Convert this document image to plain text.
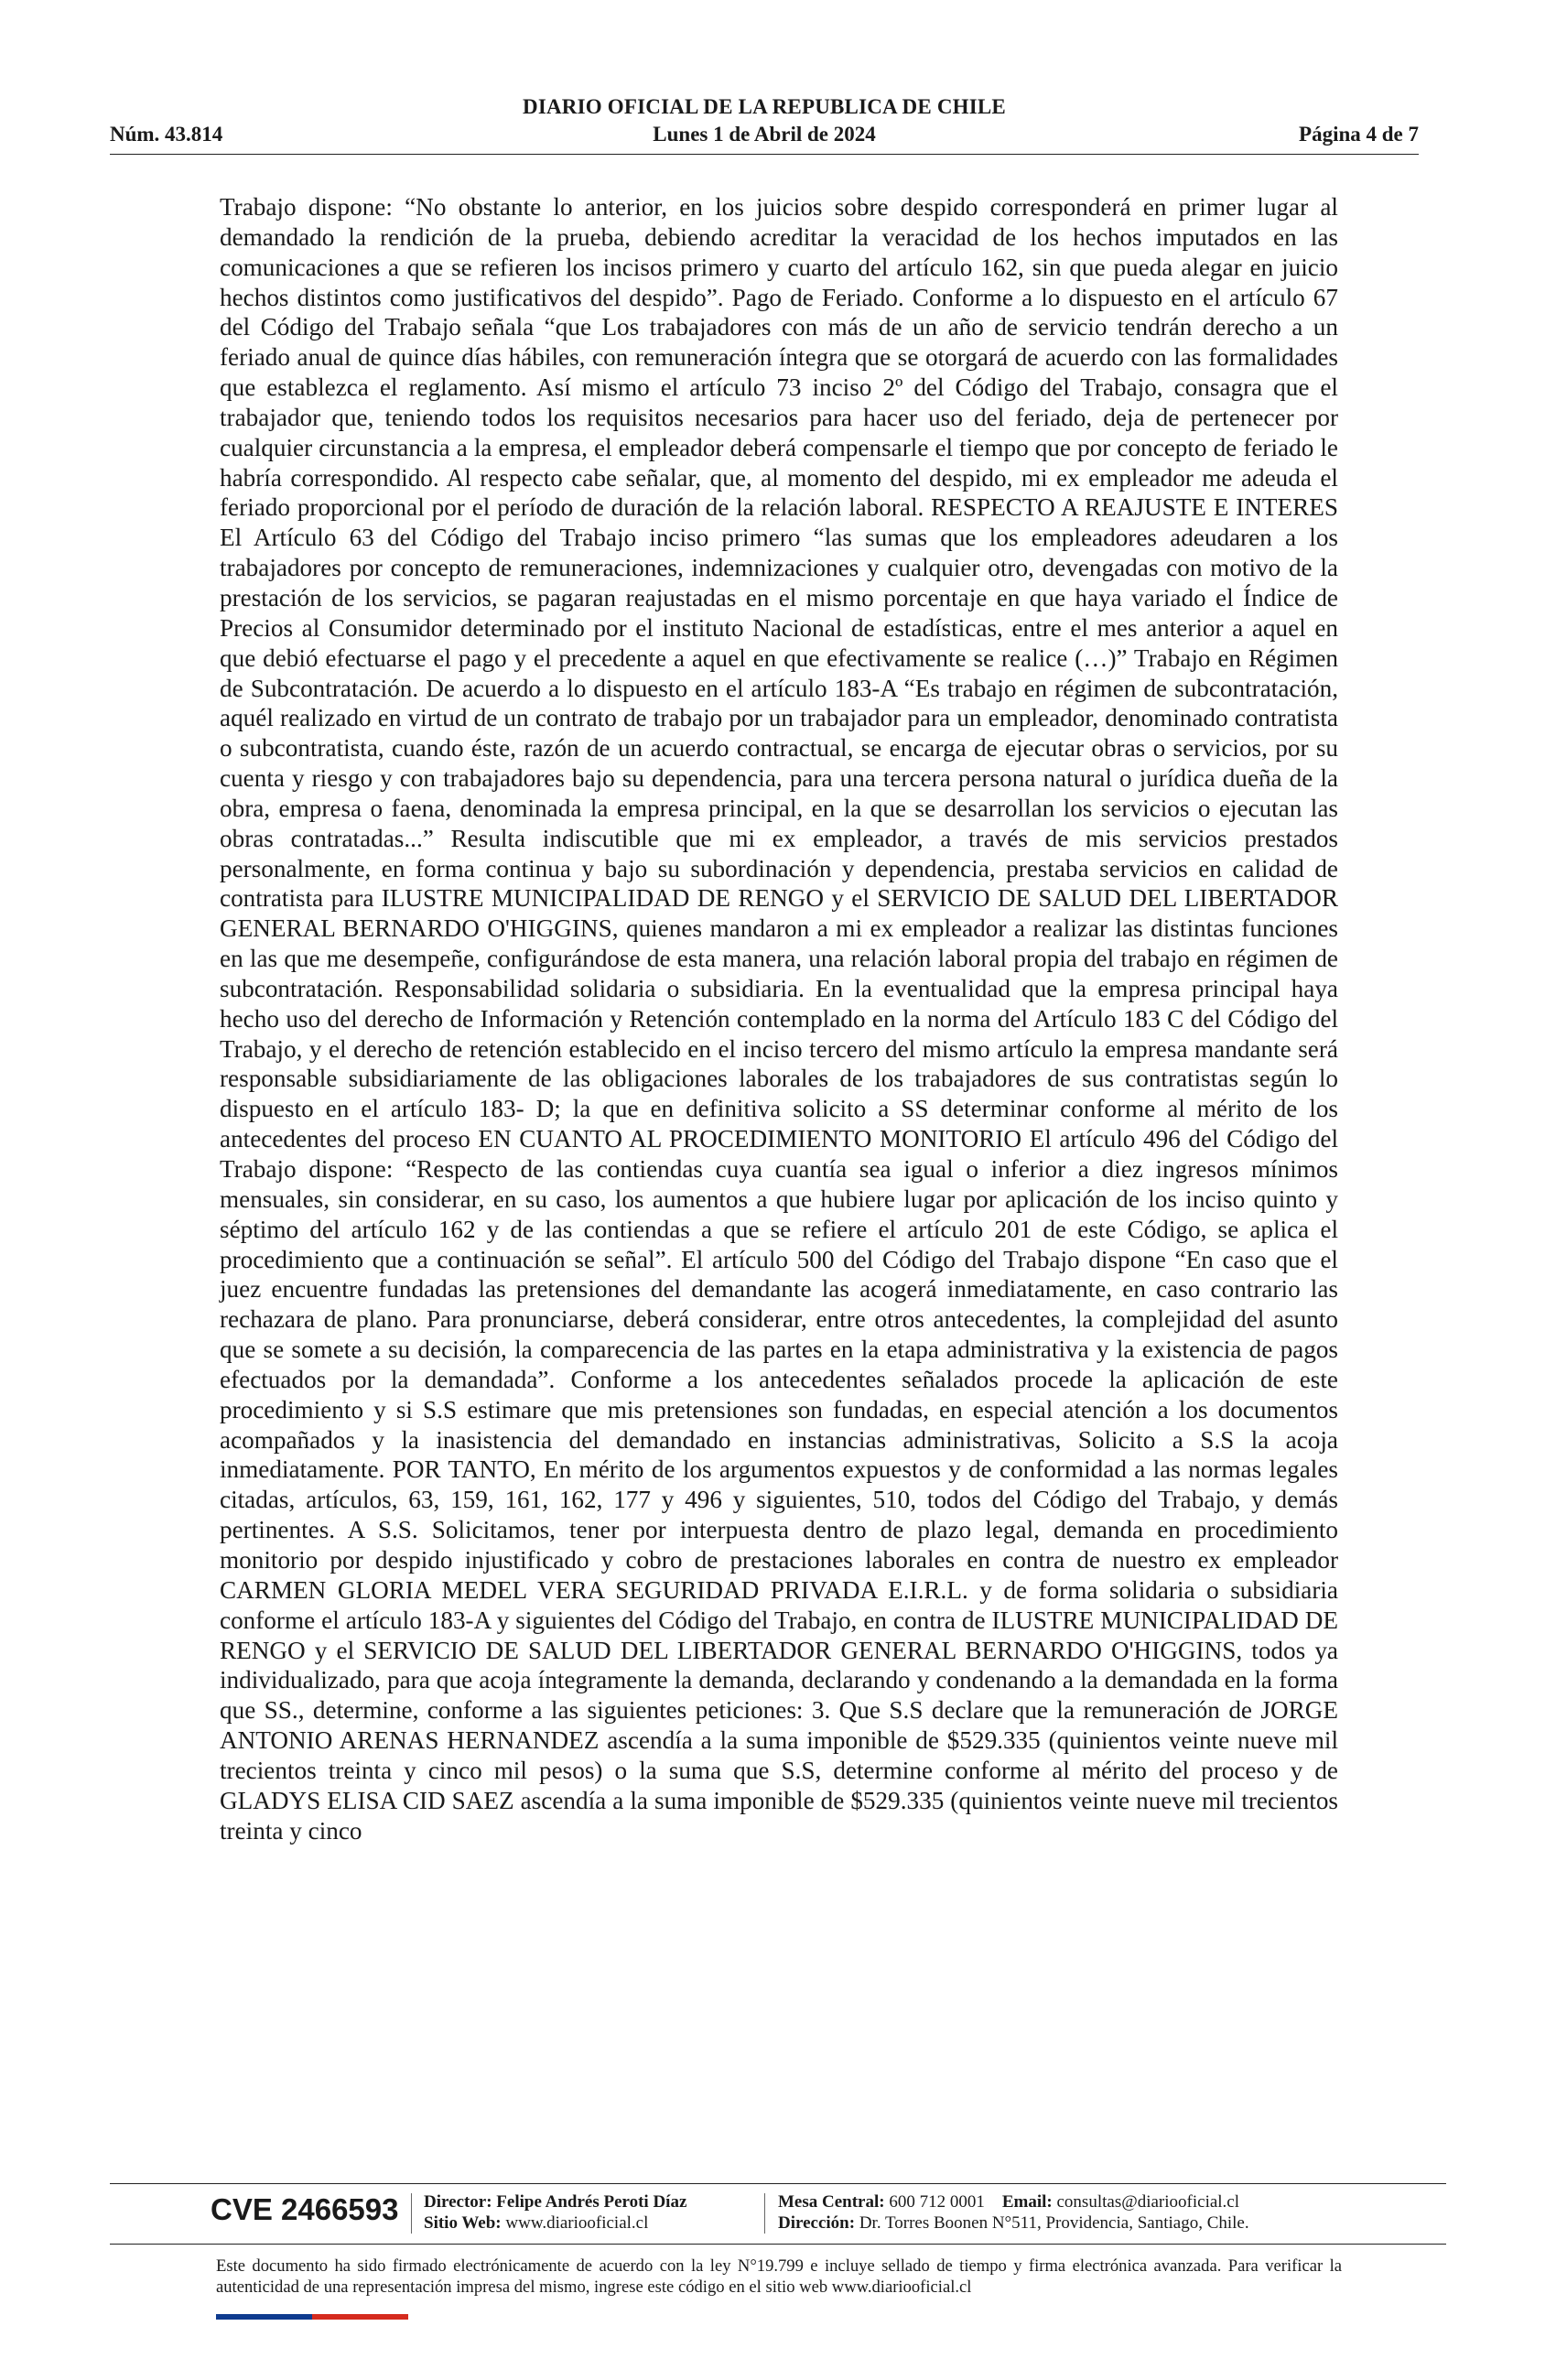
DIARIO OFICIAL DE LA REPUBLICA DE CHILE
Núm. 43.814	Lunes 1 de Abril de 2024	Página 4 de 7

Trabajo dispone: “No obstante lo anterior, en los juicios sobre despido corresponderá en primer lugar al demandado la rendición de la prueba, debiendo acreditar la veracidad de los hechos imputados en las comunicaciones a que se refieren los incisos primero y cuarto del artículo 162, sin que pueda alegar en juicio hechos distintos como justificativos del despido”. Pago de Feriado. Conforme a lo dispuesto en el artículo 67 del Código del Trabajo señala “que Los trabajadores con más de un año de servicio tendrán derecho a un feriado anual de quince días hábiles, con remuneración íntegra que se otorgará de acuerdo con las formalidades que establezca el reglamento. Así mismo el artículo 73 inciso 2º del Código del Trabajo, consagra que el trabajador que, teniendo todos los requisitos necesarios para hacer uso del feriado, deja de pertenecer por cualquier circunstancia a la empresa, el empleador deberá compensarle el tiempo que por concepto de feriado le habría correspondido. Al respecto cabe señalar, que, al momento del despido, mi ex empleador me adeuda el feriado proporcional por el período de duración de la relación laboral. RESPECTO A REAJUSTE E INTERES El Artículo 63 del Código del Trabajo inciso primero “las sumas que los empleadores adeudaren a los trabajadores por concepto de remuneraciones, indemnizaciones y cualquier otro, devengadas con motivo de la prestación de los servicios, se pagaran reajustadas en el mismo porcentaje en que haya variado el Índice de Precios al Consumidor determinado por el instituto Nacional de estadísticas, entre el mes anterior a aquel en que debió efectuarse el pago y el precedente a aquel en que efectivamente se realice (…)” Trabajo en Régimen de Subcontratación. De acuerdo a lo dispuesto en el artículo 183-A “Es trabajo en régimen de subcontratación, aquél realizado en virtud de un contrato de trabajo por un trabajador para un empleador, denominado contratista o subcontratista, cuando éste, razón de un acuerdo contractual, se encarga de ejecutar obras o servicios, por su cuenta y riesgo y con trabajadores bajo su dependencia, para una tercera persona natural o jurídica dueña de la obra, empresa o faena, denominada la empresa principal, en la que se desarrollan los servicios o ejecutan las obras contratadas...” Resulta indiscutible que mi ex empleador, a través de mis servicios prestados personalmente, en forma continua y bajo su subordinación y dependencia, prestaba servicios en calidad de contratista para ILUSTRE MUNICIPALIDAD DE RENGO y el SERVICIO DE SALUD DEL LIBERTADOR GENERAL BERNARDO O'HIGGINS, quienes mandaron a mi ex empleador a realizar las distintas funciones en las que me desempeñe, configurándose de esta manera, una relación laboral propia del trabajo en régimen de subcontratación. Responsabilidad solidaria o subsidiaria. En la eventualidad que la empresa principal haya hecho uso del derecho de Información y Retención contemplado en la norma del Artículo 183 C del Código del Trabajo, y el derecho de retención establecido en el inciso tercero del mismo artículo la empresa mandante será responsable subsidiariamente de las obligaciones laborales de los trabajadores de sus contratistas según lo dispuesto en el artículo 183- D; la que en definitiva solicito a SS determinar conforme al mérito de los antecedentes del proceso EN CUANTO AL PROCEDIMIENTO MONITORIO El artículo 496 del Código del Trabajo dispone: “Respecto de las contiendas cuya cuantía sea igual o inferior a diez ingresos mínimos mensuales, sin considerar, en su caso, los aumentos a que hubiere lugar por aplicación de los inciso quinto y séptimo del artículo 162 y de las contiendas a que se refiere el artículo 201 de este Código, se aplica el procedimiento que a continuación se señal”. El artículo 500 del Código del Trabajo dispone “En caso que el juez encuentre fundadas las pretensiones del demandante las acogerá inmediatamente, en caso contrario las rechazara de plano. Para pronunciarse, deberá considerar, entre otros antecedentes, la complejidad del asunto que se somete a su decisión, la comparecencia de las partes en la etapa administrativa y la existencia de pagos efectuados por la demandada”. Conforme a los antecedentes señalados procede la aplicación de este procedimiento y si S.S estimare que mis pretensiones son fundadas, en especial atención a los documentos acompañados y la inasistencia del demandado en instancias administrativas, Solicito a S.S la acoja inmediatamente. POR TANTO, En mérito de los argumentos expuestos y de conformidad a las normas legales citadas, artículos, 63, 159, 161, 162, 177 y 496 y siguientes, 510, todos del Código del Trabajo, y demás pertinentes. A S.S. Solicitamos, tener por interpuesta dentro de plazo legal, demanda en procedimiento monitorio por despido injustificado y cobro de prestaciones laborales en contra de nuestro ex empleador CARMEN GLORIA MEDEL VERA SEGURIDAD PRIVADA E.I.R.L. y de forma solidaria o subsidiaria conforme el artículo 183-A y siguientes del Código del Trabajo, en contra de ILUSTRE MUNICIPALIDAD DE RENGO y el SERVICIO DE SALUD DEL LIBERTADOR GENERAL BERNARDO O'HIGGINS, todos ya individualizado, para que acoja íntegramente la demanda, declarando y condenando a la demandada en la forma que SS., determine, conforme a las siguientes peticiones: 3. Que S.S declare que la remuneración de JORGE ANTONIO ARENAS HERNANDEZ ascendía a la suma imponible de $529.335 (quinientos veinte nueve mil trecientos treinta y cinco mil pesos) o la suma que S.S, determine conforme al mérito del proceso y de GLADYS ELISA CID SAEZ ascendía a la suma imponible de $529.335 (quinientos veinte nueve mil trecientos treinta y cinco

CVE 2466593 Director: Felipe Andrés Peroti Díaz
Sitio Web: www.diariooficial.cl
Mesa Central: 600 712 0001 Email: consultas@diariooficial.cl
Dirección: Dr. Torres Boonen N°511, Providencia, Santiago, Chile.
Este documento ha sido firmado electrónicamente de acuerdo con la ley N°19.799 e incluye sellado de tiempo y firma electrónica avanzada. Para verificar la autenticidad de una representación impresa del mismo, ingrese este código en el sitio web www.diariooficial.cl
